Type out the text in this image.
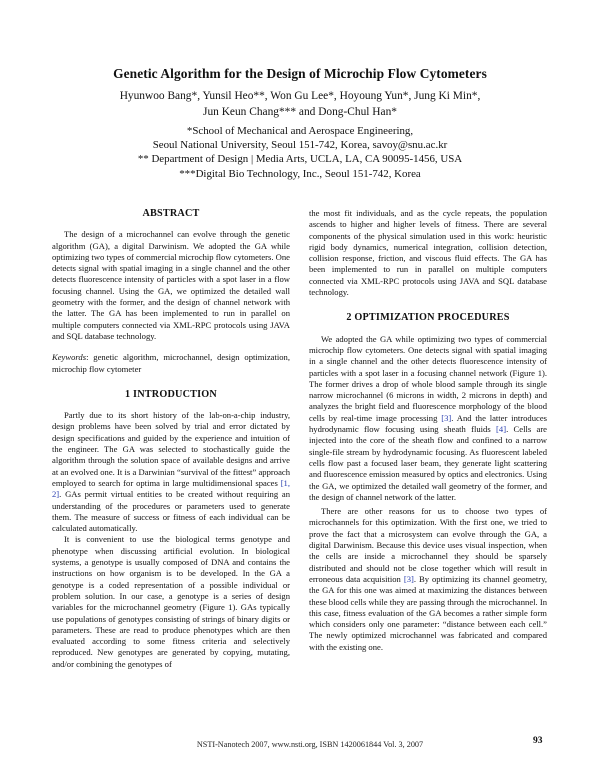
Genetic Algorithm for the Design of Microchip Flow Cytometers
Hyunwoo Bang*, Yunsil Heo**, Won Gu Lee*, Hoyoung Yun*, Jung Ki Min*,
Jun Keun Chang*** and Dong-Chul Han*
*School of Mechanical and Aerospace Engineering,
Seoul National University, Seoul 151-742, Korea, savoy@snu.ac.kr
** Department of Design | Media Arts, UCLA, LA, CA 90095-1456, USA
***Digital Bio Technology, Inc., Seoul 151-742, Korea
ABSTRACT

The design of a microchannel can evolve through the genetic algorithm (GA), a digital Darwinism. We adopted the GA while optimizing two types of commercial microchip flow cytometers. One detects signal with spatial imaging in a single channel and the other detects fluorescence intensity of particles with a spot laser in a flow focusing channel. Using the GA, we optimized the detailed wall geometry with the former, and the design of channel network with the latter. The GA has been implemented to run in parallel on multiple computers connected via XML-RPC protocols using JAVA and SQL database technology.

Keywords: genetic algorithm, microchannel, design optimization, microchip flow cytometer

1 INTRODUCTION

Partly due to its short history of the lab-on-a-chip industry, design problems have been solved by trial and error dictated by design specifications and guided by the experience and intuition of the engineer. The GA was selected to stochastically guide the algorithm through the solution space of available designs and arrive at an evolved one. It is a Darwinian “survival of the fittest” approach employed to search for optima in large multidimensional spaces [1, 2]. GAs permit virtual entities to be created without requiring an understanding of the procedures or parameters used to generate them. The measure of success or fitness of each individual can be calculated automatically.

It is convenient to use the biological terms genotype and phenotype when discussing artificial evolution. In biological systems, a genotype is usually composed of DNA and contains the instructions on how organism is to be developed. In the GA a genotype is a coded representation of a possible individual or problem solution. In our case, a genotype is a series of design variables for the microchannel geometry (Figure 1). GAs typically use populations of genotypes consisting of strings of binary digits or parameters. These are read to produce phenotypes which are then evaluated according to some fitness criteria and selectively reproduced. New genotypes are generated by copying, mutating, and/or combining the genotypes of

the most fit individuals, and as the cycle repeats, the population ascends to higher and higher levels of fitness. There are several components of the physical simulation used in this work: heuristic rigid body dynamics, numerical integration, collision detection, collision response, friction, and viscous fluid effects. The GA has been implemented to run in parallel on multiple computers connected via XML-RPC protocols using JAVA and SQL database technology.

2 OPTIMIZATION PROCEDURES

We adopted the GA while optimizing two types of commercial microchip flow cytometers. One detects signal with spatial imaging in a single channel and the other detects fluorescence intensity of particles with a spot laser in a focusing channel network (Figure 1). The former drives a drop of whole blood sample through its single narrow microchannel (6 microns in width, 2 microns in depth) and analyzes the bright field and fluorescence morphology of the blood cells by real-time image processing [3]. And the latter introduces hydrodynamic flow focusing using sheath fluids [4]. Cells are injected into the core of the sheath flow and confined to a narrow single-file stream by hydrodynamic focusing. As fluorescent labeled cells flow past a focused laser beam, they generate light scattering and fluorescence emission measured by optics and electronics. Using the GA, we optimized the detailed wall geometry of the former, and the design of channel network of the latter.

There are other reasons for us to choose two types of microchannels for this optimization. With the first one, we tried to prove the fact that a microsystem can evolve through the GA, a digital Darwinism. Because this device uses visual inspection, when the cells are inside a microchannel they should be sparsely distributed and should not be close together which will result in erroneous data acquisition [3]. By optimizing its channel geometry, the GA for this one was aimed at maximizing the distances between these blood cells while they are passing through the microchannel. In this case, fitness evaluation of the GA becomes a rather simple form which considers only one parameter: “distance between each cell.” The newly optimized microchannel was fabricated and compared with the existing one.

NSTI-Nanotech 2007, www.nsti.org, ISBN 1420061844 Vol. 3, 2007	93
